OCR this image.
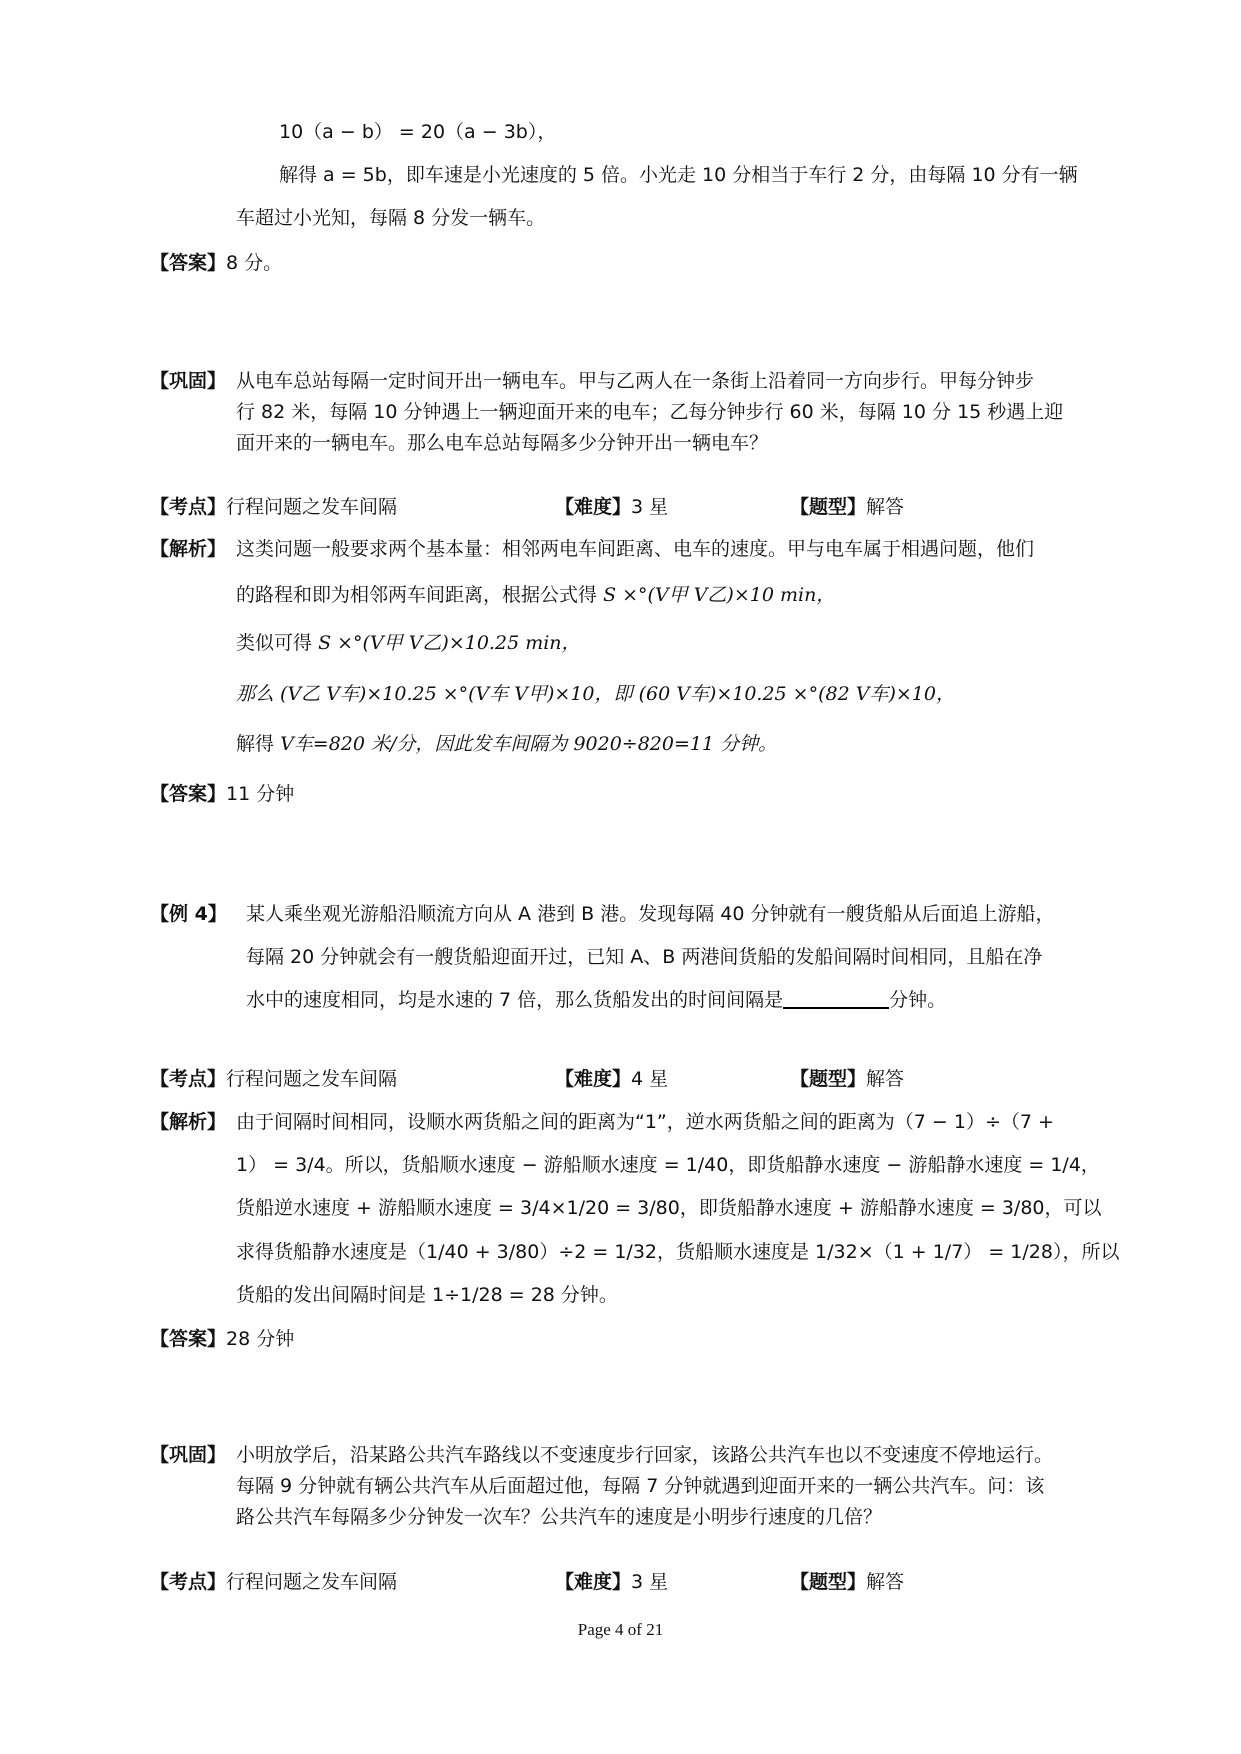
10（a − b） = 20（a − 3b），
解得 a = 5b，即车速是小光速度的 5 倍。小光走 10 分相当于车行 2 分，由每隔 10 分有一辆
车超过小光知，每隔 8 分发一辆车。
【答案】8 分。
【巩固】 从电车总站每隔一定时间开出一辆电车。甲与乙两人在一条街上沿着同一方向步行。甲每分钟步
行 82 米，每隔 10 分钟遇上一辆迎面开来的电车；乙每分钟步行 60 米，每隔 10 分 15 秒遇上迎
面开来的一辆电车。那么电车总站每隔多少分钟开出一辆电车？
【考点】行程问题之发车间隔	【难度】3 星	【题型】解答
【解析】 这类问题一般要求两个基本量：相邻两电车间距离、电车的速度。甲与电车属于相遇问题，他们
的路程和即为相邻两车间距离，根据公式得 S ×°(V甲 V乙)×10 min，
类似可得 S ×°(V甲 V乙)×10.25 min，
那么 (V乙 V车)×10.25 ×°(V车 V甲)×10，即 (60 V车)×10.25 ×°(82 V车)×10，
解得 V车=820 米/分，因此发车间隔为 9020÷820=11 分钟。
【答案】11 分钟
【例 4】 某人乘坐观光游船沿顺流方向从 A 港到 B 港。发现每隔 40 分钟就有一艘货船从后面追上游船，
每隔 20 分钟就会有一艘货船迎面开过，已知 A、B 两港间货船的发船间隔时间相同，且船在净
水中的速度相同，均是水速的 7 倍，那么货船发出的时间间隔是	分钟。
【考点】行程问题之发车间隔	【难度】4 星	【题型】解答
【解析】 由于间隔时间相同，设顺水两货船之间的距离为“1”，逆水两货船之间的距离为（7 − 1）÷（7 +
1） = 3/4。所以，货船顺水速度 − 游船顺水速度 = 1/40，即货船静水速度 − 游船静水速度 = 1/4，
货船逆水速度 + 游船顺水速度 = 3/4×1/20 = 3/80，即货船静水速度 + 游船静水速度 = 3/80，可以
求得货船静水速度是（1/40 + 3/80）÷2 = 1/32，货船顺水速度是 1/32×（1 + 1/7） = 1/28），所以
货船的发出间隔时间是 1÷1/28 = 28 分钟。
【答案】28 分钟
【巩固】 小明放学后，沿某路公共汽车路线以不变速度步行回家，该路公共汽车也以不变速度不停地运行。
每隔 9 分钟就有辆公共汽车从后面超过他，每隔 7 分钟就遇到迎面开来的一辆公共汽车。问：该
路公共汽车每隔多少分钟发一次车？公共汽车的速度是小明步行速度的几倍？
【考点】行程问题之发车间隔	【难度】3 星	【题型】解答
Page 4 of 21
